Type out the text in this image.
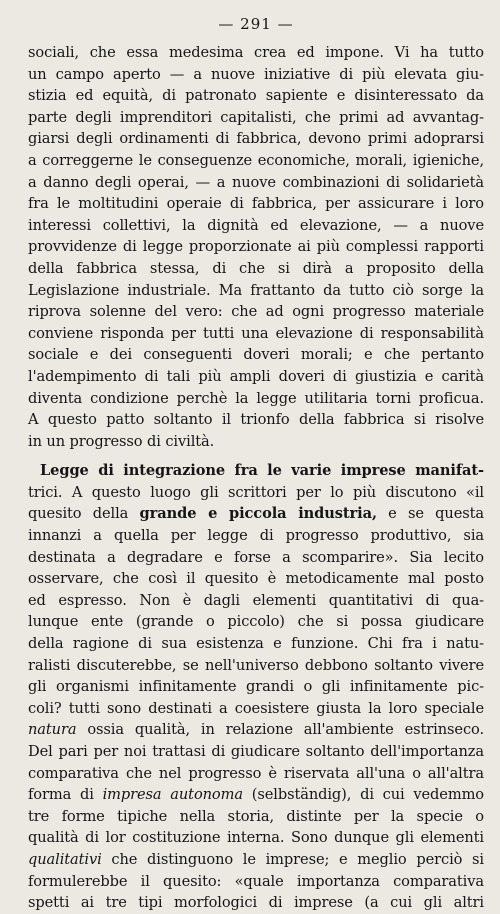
— 291 —
sociali, che essa medesima crea ed impone. Vi ha tutto
un campo aperto — a nuove iniziative di più elevata giu-
stizia ed equità, di patronato sapiente e disinteressato da
parte degli imprenditori capitalisti, che primi ad avvantag-
giarsi degli ordinamenti di fabbrica, devono primi adoprarsi
a correggerne le conseguenze economiche, morali, igieniche,
a danno degli operai, — a nuove combinazioni di solidarietà
fra le moltitudini operaie di fabbrica, per assicurare i loro
interessi collettivi, la dignità ed elevazione, — a nuove
provvidenze di legge proporzionate ai più complessi rapporti
della fabbrica stessa, di che si dirà a proposito della
Legislazione industriale. Ma frattanto da tutto ciò sorge la
riprova solenne del vero: che ad ogni progresso materiale
conviene risponda per tutti una elevazione di responsabilità
sociale e dei conseguenti doveri morali; e che pertanto
l'adempimento di tali più ampli doveri di giustizia e carità
diventa condizione perchè la legge utilitaria torni proficua.
A questo patto soltanto il trionfo della fabbrica si risolve
in un progresso di civiltà.
Legge di integrazione fra le varie imprese manifat-
trici. A questo luogo gli scrittori per lo più discutono «il
quesito della grande e piccola industria, e se questa
innanzi a quella per legge di progresso produttivo, sia
destinata a degradare e forse a scomparire». Sia lecito
osservare, che così il quesito è metodicamente mal posto
ed espresso. Non è dagli elementi quantitativi di qua-
lunque ente (grande o piccolo) che si possa giudicare
della ragione di sua esistenza e funzione. Chi fra i natu-
ralisti discuterebbe, se nell'universo debbono soltanto vivere
gli organismi infinitamente grandi o gli infinitamente pic-
coli? tutti sono destinati a coesistere giusta la loro speciale
natura ossia qualità, in relazione all'ambiente estrinseco.
Del pari per noi trattasi di giudicare soltanto dell'importanza
comparativa che nel progresso è riservata all'una o all'altra
forma di impresa autonoma (selbständig), di cui vedemmo
tre forme tipiche nella storia, distinte per la specie o
qualità di lor costituzione interna. Sono dunque gli elementi
qualitativi che distinguono le imprese; e meglio perciò si
formulerebbe il quesito: «quale importanza comparativa
spetti ai tre tipi morfologici di imprese (a cui gli altri
